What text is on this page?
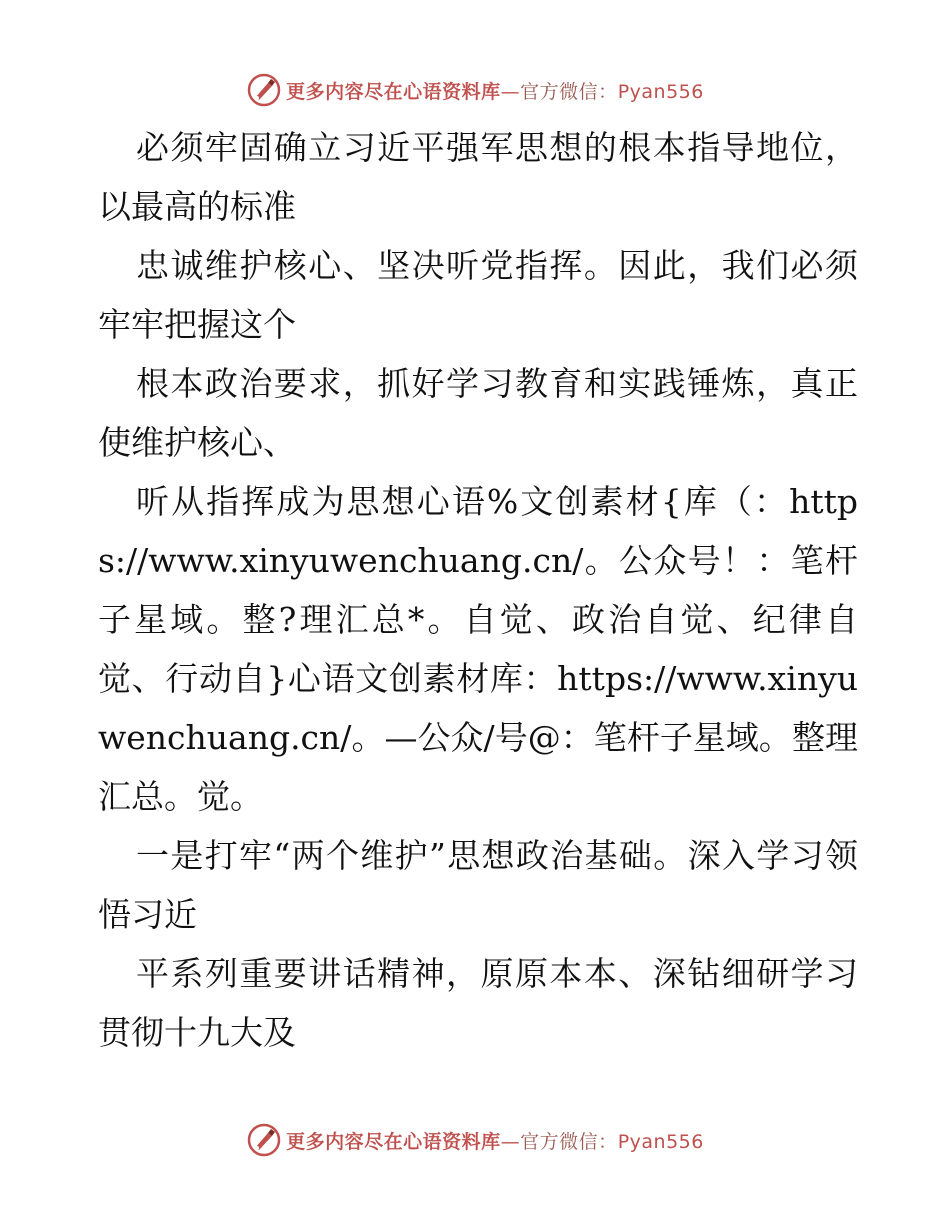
更多内容尽在心语资料库—官方微信：Pyan556

必须牢固确立习近平强军思想的根本指导地位，以最高的标准

忠诚维护核心、坚决听党指挥。因此，我们必须牢牢把握这个

根本政治要求，抓好学习教育和实践锤炼，真正使维护核心、

听从指挥成为思想心语%文创素材{库（：https://www.xinyuwenchuang.cn/。公众号！：笔杆子星域。整?理汇总*。自觉、政治自觉、纪律自觉、行动自}心语文创素材库：https://www.xinyuwenchuang.cn/。—公众/号@：笔杆子星域。整理汇总。觉。

一是打牢“两个维护”思想政治基础。深入学习领悟习近

平系列重要讲话精神，原原本本、深钻细研学习贯彻十九大及

更多内容尽在心语资料库—官方微信：Pyan556
